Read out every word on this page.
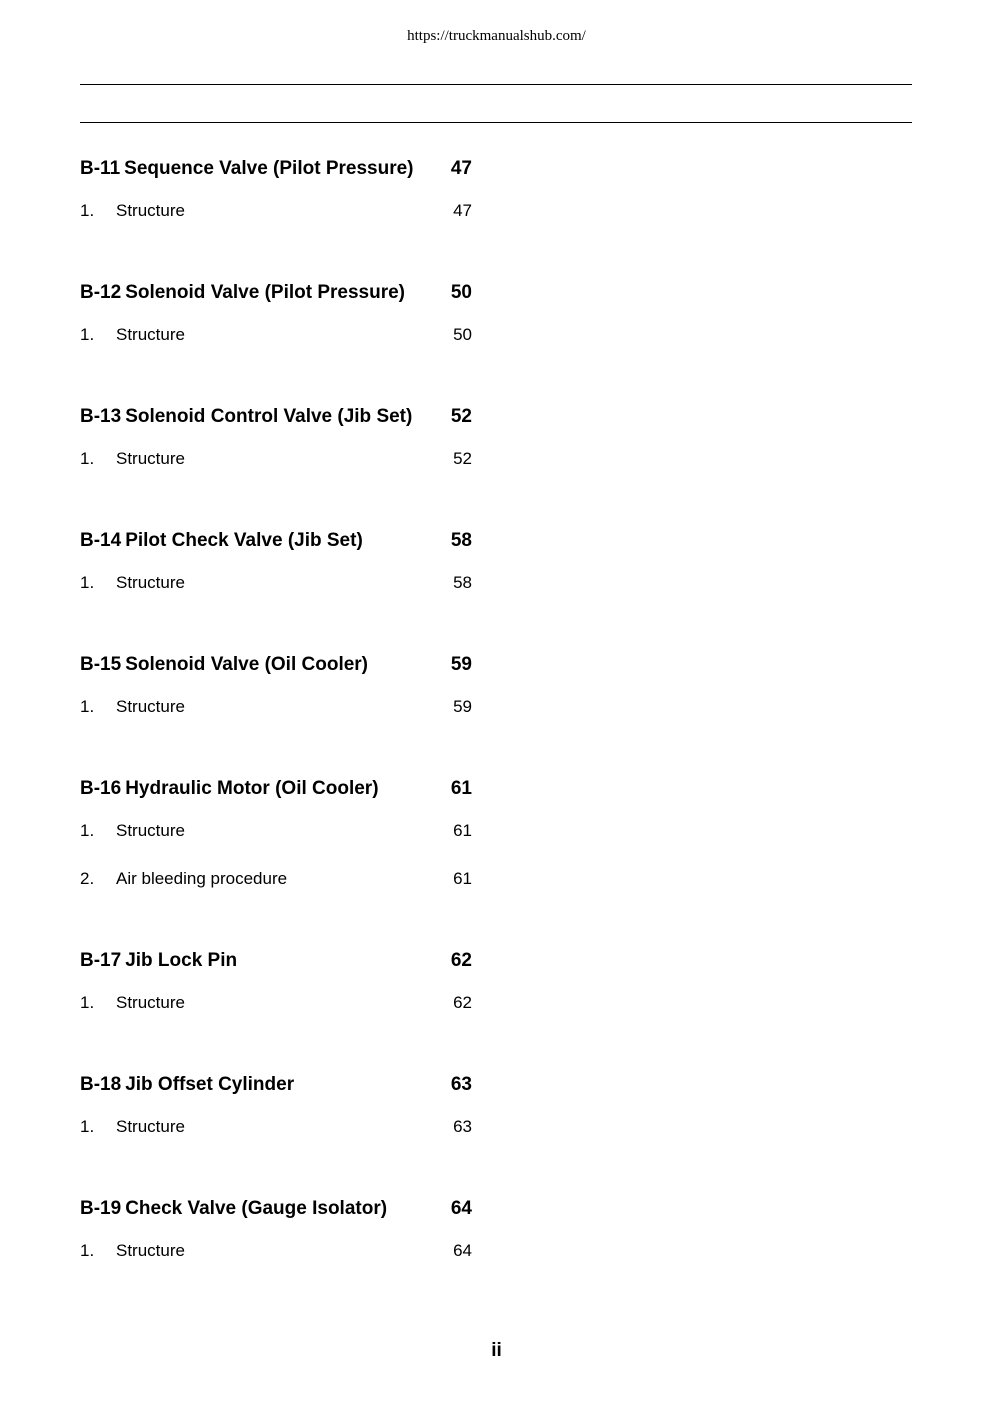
https://truckmanualshub.com/
B-11 Sequence Valve (Pilot Pressure) 47
1.	Structure	47
B-12 Solenoid Valve (Pilot Pressure) 50
1.	Structure	50
B-13 Solenoid Control Valve (Jib Set) 52
1.	Structure	52
B-14 Pilot Check Valve (Jib Set)	58
1.	Structure	58
B-15 Solenoid Valve (Oil Cooler)	59
1.	Structure	59
B-16 Hydraulic Motor (Oil Cooler)	61
1.	Structure	61
2.	Air bleeding procedure	61
B-17 Jib Lock Pin	62
1.	Structure	62
B-18 Jib Offset Cylinder	63
1.	Structure	63
B-19 Check Valve (Gauge Isolator)	64
1.	Structure	64
ii
